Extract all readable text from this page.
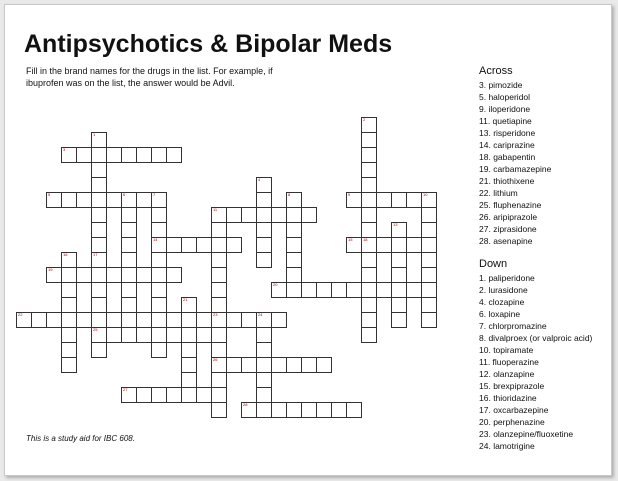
Antipsychotics & Bipolar Meds
Fill in the brand names for the drugs in the list. For example, if ibuprofen was on the list, the answer would be Advil.
This is a study aid for IBC 608.
1
17
2
3
4
5	6	7
14
8	9	10
11
23
13
15	18
16
25
19
20
21
22	24
26
27
28
Across
3. pimozide
5. haloperidol
9. iloperidone
11. quetiapine
13. risperidone
14. cariprazine
18. gabapentin
19. carbamazepine
21. thiothixene
22. lithium
25. fluphenazine
26. aripiprazole
27. ziprasidone
28. asenapine
Down
1. paliperidone
2. lurasidone
4. clozapine
6. loxapine
7. chlorpromazine
8. divalproex (or valproic acid)
10. topiramate
11. fluoperazine
12. olanzapine
15. brexpiprazole
16. thioridazine
17. oxcarbazepine
20. perphenazine
23. olanzepine/fluoxetine
24. lamotrigine
